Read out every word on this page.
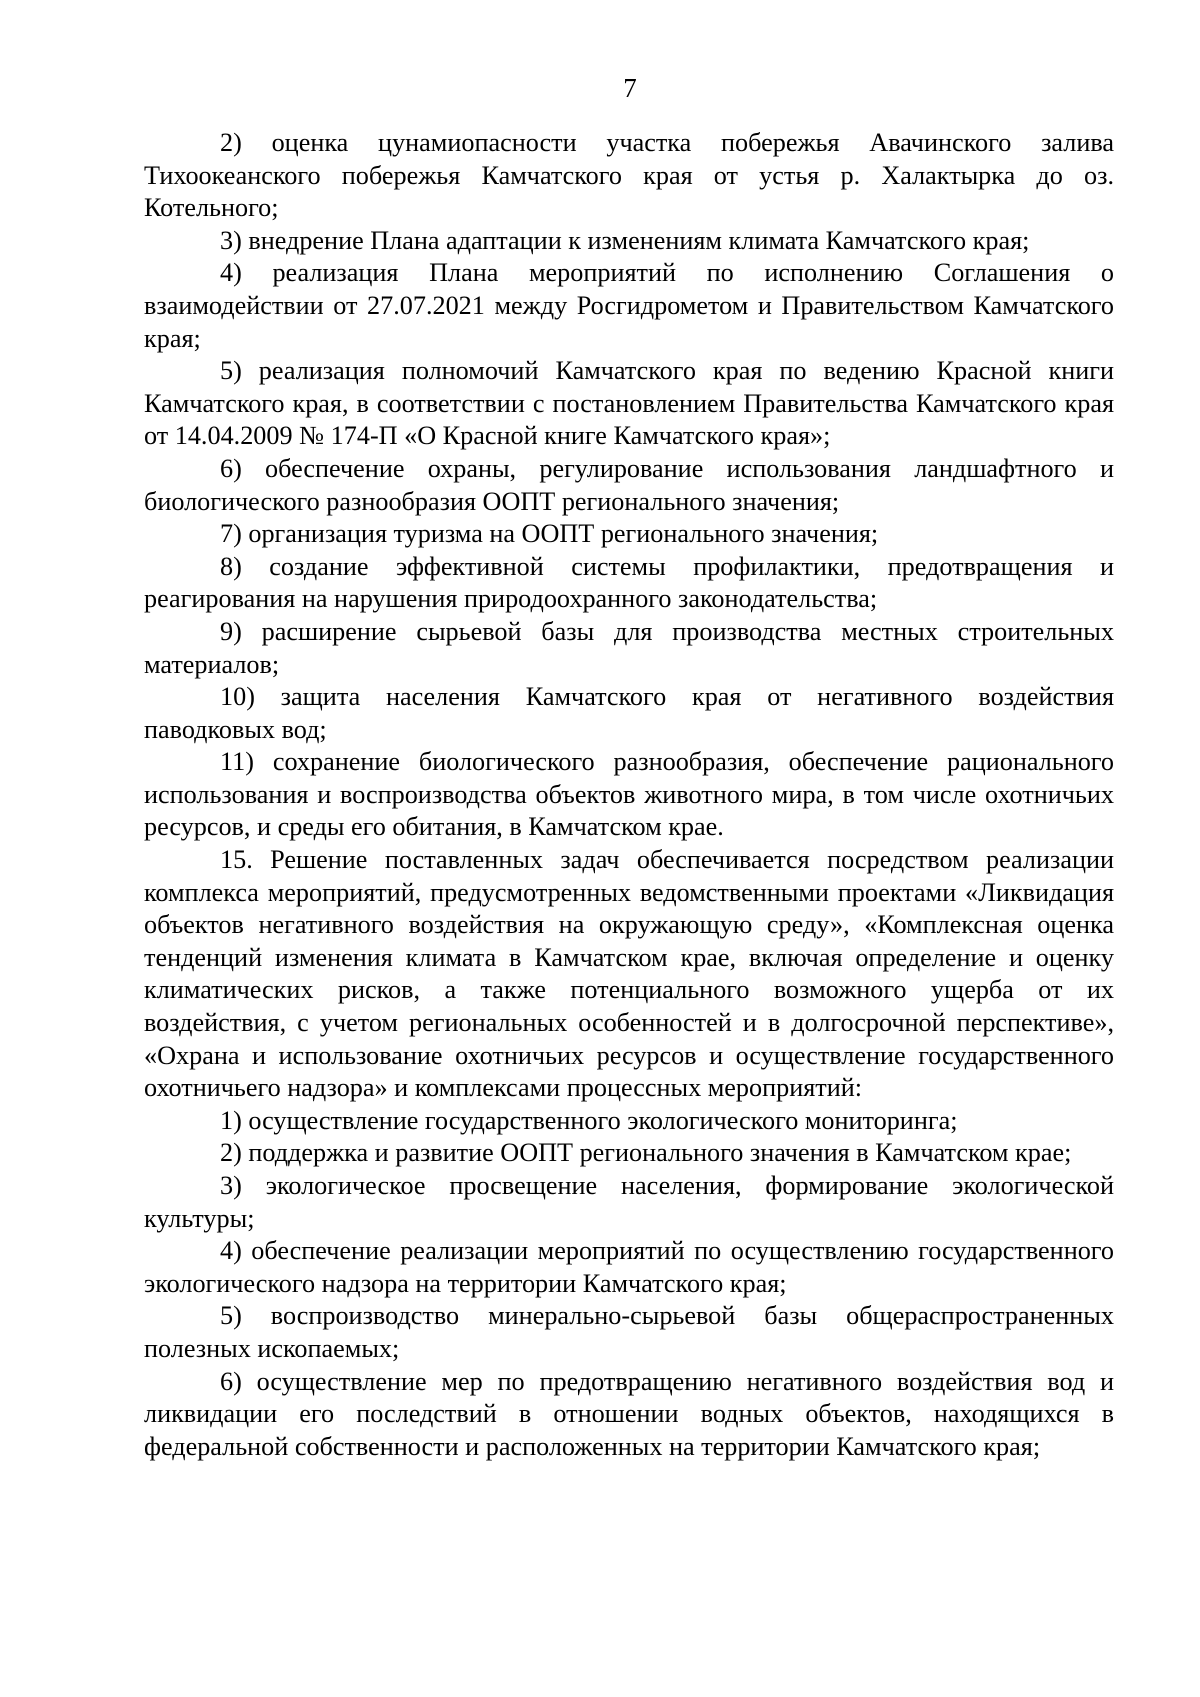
7

2) оценка цунамиопасности участка побережья Авачинского залива Тихоокеанского побережья Камчатского края от устья р. Халактырка до оз. Котельного;

3) внедрение Плана адаптации к изменениям климата Камчатского края;

4) реализация Плана мероприятий по исполнению Соглашения о взаимодействии от 27.07.2021 между Росгидрометом и Правительством Камчатского края;

5) реализация полномочий Камчатского края по ведению Красной книги Камчатского края, в соответствии с постановлением Правительства Камчатского края от 14.04.2009 № 174-П «О Красной книге Камчатского края»;

6) обеспечение охраны, регулирование использования ландшафтного и биологического разнообразия ООПТ регионального значения;

7) организация туризма на ООПТ регионального значения;

8) создание эффективной системы профилактики, предотвращения и реагирования на нарушения природоохранного законодательства;

9) расширение сырьевой базы для производства местных строительных материалов;

10) защита населения Камчатского края от негативного воздействия паводковых вод;

11) сохранение биологического разнообразия, обеспечение рационального использования и воспроизводства объектов животного мира, в том числе охотничьих ресурсов, и среды его обитания, в Камчатском крае.

15. Решение поставленных задач обеспечивается посредством реализации комплекса мероприятий, предусмотренных ведомственными проектами «Ликвидация объектов негативного воздействия на окружающую среду», «Комплексная оценка тенденций изменения климата в Камчатском крае, включая определение и оценку климатических рисков, а также потенциального возможного ущерба от их воздействия, с учетом региональных особенностей и в долгосрочной перспективе», «Охрана и использование охотничьих ресурсов и осуществление государственного охотничьего надзора» и комплексами процессных мероприятий:

1) осуществление государственного экологического мониторинга;

2) поддержка и развитие ООПТ регионального значения в Камчатском крае;

3) экологическое просвещение населения, формирование экологической культуры;

4) обеспечение реализации мероприятий по осуществлению государственного экологического надзора на территории Камчатского края;

5) воспроизводство минерально-сырьевой базы общераспространенных полезных ископаемых;

6) осуществление мер по предотвращению негативного воздействия вод и ликвидации его последствий в отношении водных объектов, находящихся в федеральной собственности и расположенных на территории Камчатского края;
